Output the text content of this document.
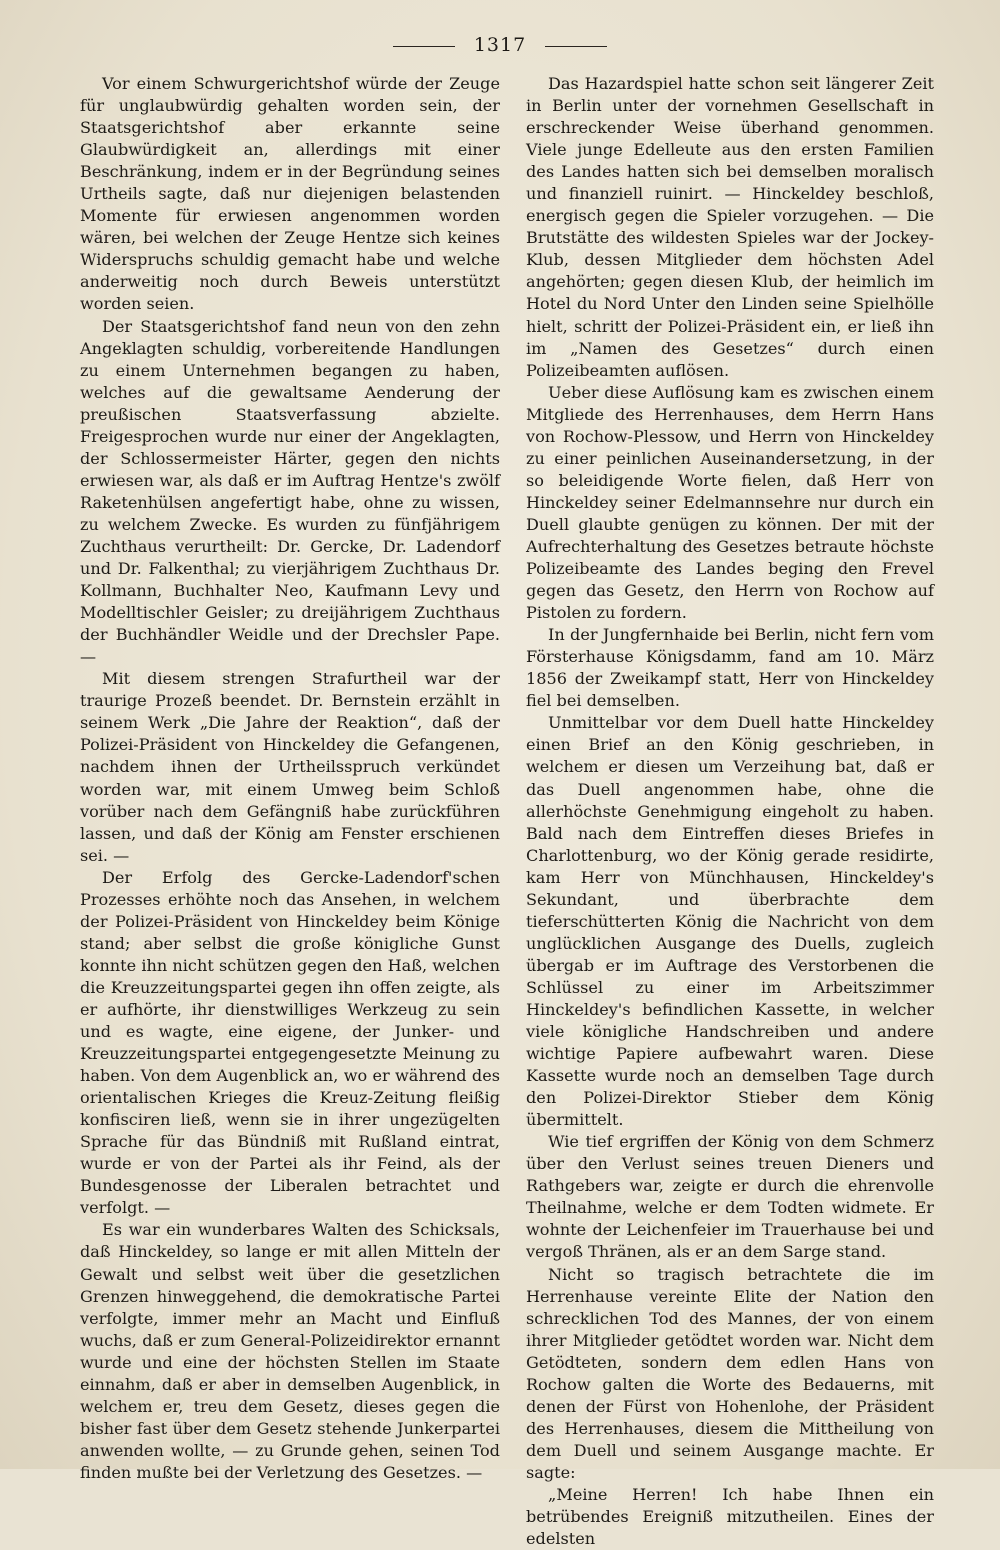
1317

Vor einem Schwurgerichtshof würde der Zeuge für unglaubwürdig gehalten worden sein, der Staatsgerichtshof aber erkannte seine Glaubwürdigkeit an, allerdings mit einer Beschränkung, indem er in der Begründung seines Urtheils sagte, daß nur diejenigen belastenden Momente für erwiesen angenommen worden wären, bei welchen der Zeuge Hentze sich keines Widerspruchs schuldig gemacht habe und welche anderweitig noch durch Beweis unterstützt worden seien.

Der Staatsgerichtshof fand neun von den zehn Angeklagten schuldig, vorbereitende Handlungen zu einem Unternehmen begangen zu haben, welches auf die gewaltsame Aenderung der preußischen Staatsverfassung abzielte. Freigesprochen wurde nur einer der Angeklagten, der Schlossermeister Härter, gegen den nichts erwiesen war, als daß er im Auftrag Hentze's zwölf Raketenhülsen angefertigt habe, ohne zu wissen, zu welchem Zwecke. Es wurden zu fünfjährigem Zuchthaus verurtheilt: Dr. Gercke, Dr. Ladendorf und Dr. Falkenthal; zu vierjährigem Zuchthaus Dr. Kollmann, Buchhalter Neo, Kaufmann Levy und Modelltischler Geisler; zu dreijährigem Zuchthaus der Buchhändler Weidle und der Drechsler Pape. —

Mit diesem strengen Strafurtheil war der traurige Prozeß beendet. Dr. Bernstein erzählt in seinem Werk „Die Jahre der Reaktion“, daß der Polizei-Präsident von Hinckeldey die Gefangenen, nachdem ihnen der Urtheilsspruch verkündet worden war, mit einem Umweg beim Schloß vorüber nach dem Gefängniß habe zurückführen lassen, und daß der König am Fenster erschienen sei. —

Der Erfolg des Gercke-Ladendorf'schen Prozesses erhöhte noch das Ansehen, in welchem der Polizei-Präsident von Hinckeldey beim Könige stand; aber selbst die große königliche Gunst konnte ihn nicht schützen gegen den Haß, welchen die Kreuzzeitungspartei gegen ihn offen zeigte, als er aufhörte, ihr dienstwilliges Werkzeug zu sein und es wagte, eine eigene, der Junker- und Kreuzzeitungspartei entgegengesetzte Meinung zu haben. Von dem Augenblick an, wo er während des orientalischen Krieges die Kreuz-Zeitung fleißig konfisciren ließ, wenn sie in ihrer ungezügelten Sprache für das Bündniß mit Rußland eintrat, wurde er von der Partei als ihr Feind, als der Bundesgenosse der Liberalen betrachtet und verfolgt. —

Es war ein wunderbares Walten des Schicksals, daß Hinckeldey, so lange er mit allen Mitteln der Gewalt und selbst weit über die gesetzlichen Grenzen hinweggehend, die demokratische Partei verfolgte, immer mehr an Macht und Einfluß wuchs, daß er zum General-Polizeidirektor ernannt wurde und eine der höchsten Stellen im Staate einnahm, daß er aber in demselben Augenblick, in welchem er, treu dem Gesetz, dieses gegen die bisher fast über dem Gesetz stehende Junkerpartei anwenden wollte, — zu Grunde gehen, seinen Tod finden mußte bei der Verletzung des Gesetzes. —

Das Hazardspiel hatte schon seit längerer Zeit in Berlin unter der vornehmen Gesellschaft in erschreckender Weise überhand genommen. Viele junge Edelleute aus den ersten Familien des Landes hatten sich bei demselben moralisch und finanziell ruinirt. — Hinckeldey beschloß, energisch gegen die Spieler vorzugehen. — Die Brutstätte des wildesten Spieles war der Jockey-Klub, dessen Mitglieder dem höchsten Adel angehörten; gegen diesen Klub, der heimlich im Hotel du Nord Unter den Linden seine Spielhölle hielt, schritt der Polizei-Präsident ein, er ließ ihn im „Namen des Gesetzes“ durch einen Polizeibeamten auflösen.

Ueber diese Auflösung kam es zwischen einem Mitgliede des Herrenhauses, dem Herrn Hans von Rochow-Plessow, und Herrn von Hinckeldey zu einer peinlichen Auseinandersetzung, in der so beleidigende Worte fielen, daß Herr von Hinckeldey seiner Edelmannsehre nur durch ein Duell glaubte genügen zu können. Der mit der Aufrechterhaltung des Gesetzes betraute höchste Polizeibeamte des Landes beging den Frevel gegen das Gesetz, den Herrn von Rochow auf Pistolen zu fordern.

In der Jungfernhaide bei Berlin, nicht fern vom Försterhause Königsdamm, fand am 10. März 1856 der Zweikampf statt, Herr von Hinckeldey fiel bei demselben.

Unmittelbar vor dem Duell hatte Hinckeldey einen Brief an den König geschrieben, in welchem er diesen um Verzeihung bat, daß er das Duell angenommen habe, ohne die allerhöchste Genehmigung eingeholt zu haben. Bald nach dem Eintreffen dieses Briefes in Charlottenburg, wo der König gerade residirte, kam Herr von Münchhausen, Hinckeldey's Sekundant, und überbrachte dem tieferschütterten König die Nachricht von dem unglücklichen Ausgange des Duells, zugleich übergab er im Auftrage des Verstorbenen die Schlüssel zu einer im Arbeitszimmer Hinckeldey's befindlichen Kassette, in welcher viele königliche Handschreiben und andere wichtige Papiere aufbewahrt waren. Diese Kassette wurde noch an demselben Tage durch den Polizei-Direktor Stieber dem König übermittelt.

Wie tief ergriffen der König von dem Schmerz über den Verlust seines treuen Dieners und Rathgebers war, zeigte er durch die ehrenvolle Theilnahme, welche er dem Todten widmete. Er wohnte der Leichenfeier im Trauerhause bei und vergoß Thränen, als er an dem Sarge stand.

Nicht so tragisch betrachtete die im Herrenhause vereinte Elite der Nation den schrecklichen Tod des Mannes, der von einem ihrer Mitglieder getödtet worden war. Nicht dem Getödteten, sondern dem edlen Hans von Rochow galten die Worte des Bedauerns, mit denen der Fürst von Hohenlohe, der Präsident des Herrenhauses, diesem die Mittheilung von dem Duell und seinem Ausgange machte. Er sagte:

„Meine Herren! Ich habe Ihnen ein betrübendes Ereigniß mitzutheilen. Eines der edelsten
